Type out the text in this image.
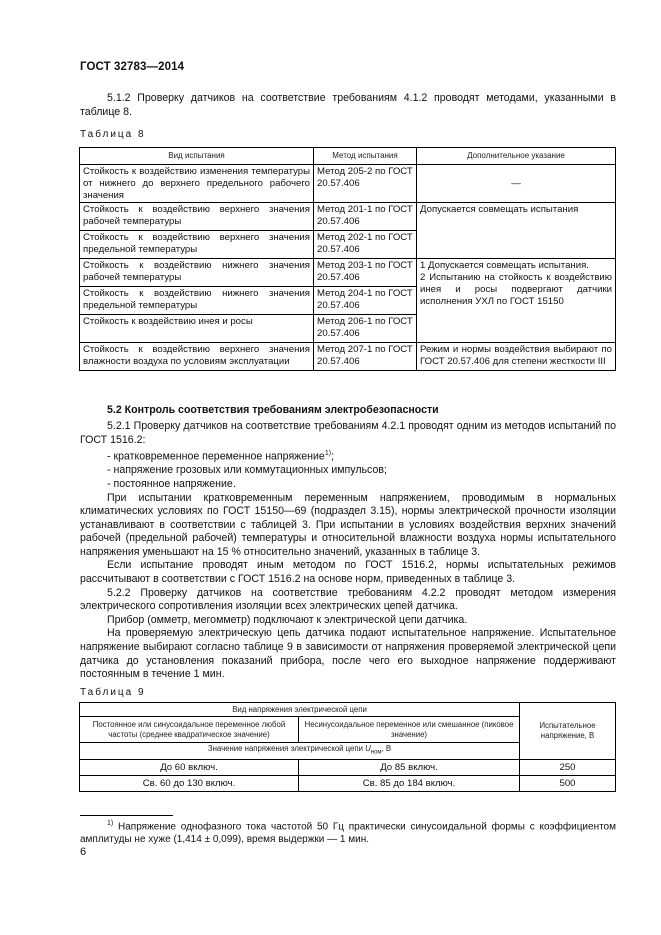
ГОСТ 32783—2014
5.1.2 Проверку датчиков на соответствие требованиям 4.1.2 проводят методами, указанными в таблице 8.
Таблица 8
Вид испытания	Метод испытания	Дополнительное указание
Стойкость к воздействию изменения температуры от нижнего до верхнего предельного рабочего значения	Метод 205-2 по ГОСТ 20.57.406	—
Стойкость к воздействию верхнего значения рабочей температуры	Метод 201-1 по ГОСТ 20.57.406	Допускается совмещать испытания
Стойкость к воздействию верхнего значения предельной температуры	Метод 202-1 по ГОСТ 20.57.406	
Стойкость к воздействию нижнего значения рабочей температуры	Метод 203-1 по ГОСТ 20.57.406	1 Допускается совмещать испытания.
2 Испытанию на стойкость к воздействию инея и росы подвергают датчики исполнения УХЛ по ГОСТ 15150

Стойкость к воздействию нижнего значения предельной температуры	Метод 204-1 по ГОСТ 20.57.406	
Стойкость к воздействию инея и росы	Метод 206-1 по ГОСТ 20.57.406	
Стойкость к воздействию верхнего значения влажности воздуха по условиям эксплуатации	Метод 207-1 по ГОСТ 20.57.406	Режим и нормы воздействия выбирают по ГОСТ 20.57.406 для степени жесткости III
5.2 Контроль соответствия требованиям электробезопасности
5.2.1 Проверку датчиков на соответствие требованиям 4.2.1 проводят одним из методов испытаний по ГОСТ 1516.2:
- кратковременное переменное напряжение$^{1)}$;
- напряжение грозовых или коммутационных импульсов;
- постоянное напряжение.
При испытании кратковременным переменным напряжением, проводимым в нормальных климатических условиях по ГОСТ 15150—69 (подраздел 3.15), нормы электрической прочности изоляции устанавливают в соответствии с таблицей 3. При испытании в условиях воздействия верхних значений рабочей (предельной рабочей) температуры и относительной влажности воздуха нормы испытательного напряжения уменьшают на 15 % относительно значений, указанных в таблице 3.
Если испытание проводят иным методом по ГОСТ 1516.2, нормы испытательных режимов рассчитывают в соответствии с ГОСТ 1516.2 на основе норм, приведенных в таблице 3.
5.2.2 Проверку датчиков на соответствие требованиям 4.2.2 проводят методом измерения электрического сопротивления изоляции всех электрических цепей датчика.
Прибор (омметр, мегомметр) подключают к электрической цепи датчика.
На проверяемую электрическую цепь датчика подают испытательное напряжение. Испытательное напряжение выбирают согласно таблице 9 в зависимости от напряжения проверяемой электрической цепи датчика до установления показаний прибора, после чего его выходное напряжение поддерживают постоянным в течение 1 мин.
Таблица 9
Вид напряжения электрической цепи		Испытательное напряжение, В
Постоянное или синусоидальное переменное любой частоты (среднее квадратическое значение)	Несинусоидальное переменное или смешанное (пиковое значение)	
Значение напряжения электрической цепи $U_{ном}$, В		
До 60 включ.	До 85 включ.	250
Св. 60 до 130 включ.	Св. 85 до 184 включ.	500
$^{1)}$ Напряжение однофазного тока частотой 50 Гц практически синусоидальной формы с коэффициентом амплитуды не хуже (1,414 ± 0,099), время выдержки — 1 мин.
6
